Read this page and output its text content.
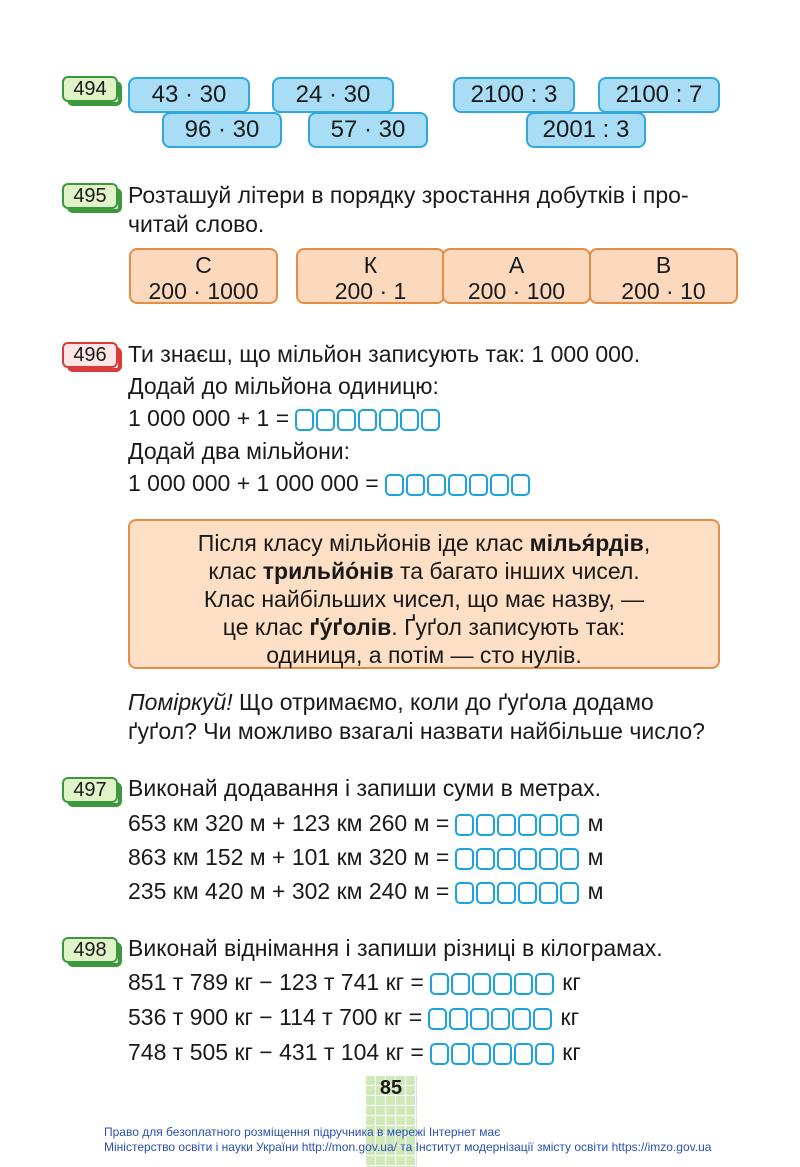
494	43 · 30	24 · 30	2100 : 3	2100 : 7
96 · 30	57 · 30	2001 : 3
495 Розташуй літери в порядку зростання добутків і про-
читай слово.
С
200 · 1000
К
200 · 1
А
200 · 100
В
200 · 10
496 Ти знаєш, що мільйон записують так: 1 000 000.
Додай до мільйона одиницю:
1 000 000 + 1 =
Додай два мільйони:
1 000 000 + 1 000 000 =
Після класу мільйонів іде клас мілья́рдів,
клас трильйо́нів та багато інших чисел.
Клас найбільших чисел, що має назву, —
це клас ґу́ґолів. Ґуґол записують так:
одиниця, а потім — сто нулів.
Поміркуй! Що отримаємо, коли до ґуґола додамо
ґуґол? Чи можливо взагалі назвати найбільше число?
497 Виконай додавання і запиши суми в метрах.
653 км 320 м + 123 км 260 м =	м
863 км 152 м + 101 км 320 м =	м
235 км 420 м + 302 км 240 м =	м
498 Виконай віднімання і запиши різниці в кілограмах.
851 т 789 кг − 123 т 741 кг =	кг
536 т 900 кг − 114 т 700 кг =	кг
748 т 505 кг − 431 т 104 кг =	кг
85
Право для безоплатного розміщення підручника в мережі Інтернет має
Міністерство освіти і науки України http://mon.gov.ua/ та Інститут модернізації змісту освіти https://imzo.gov.ua
